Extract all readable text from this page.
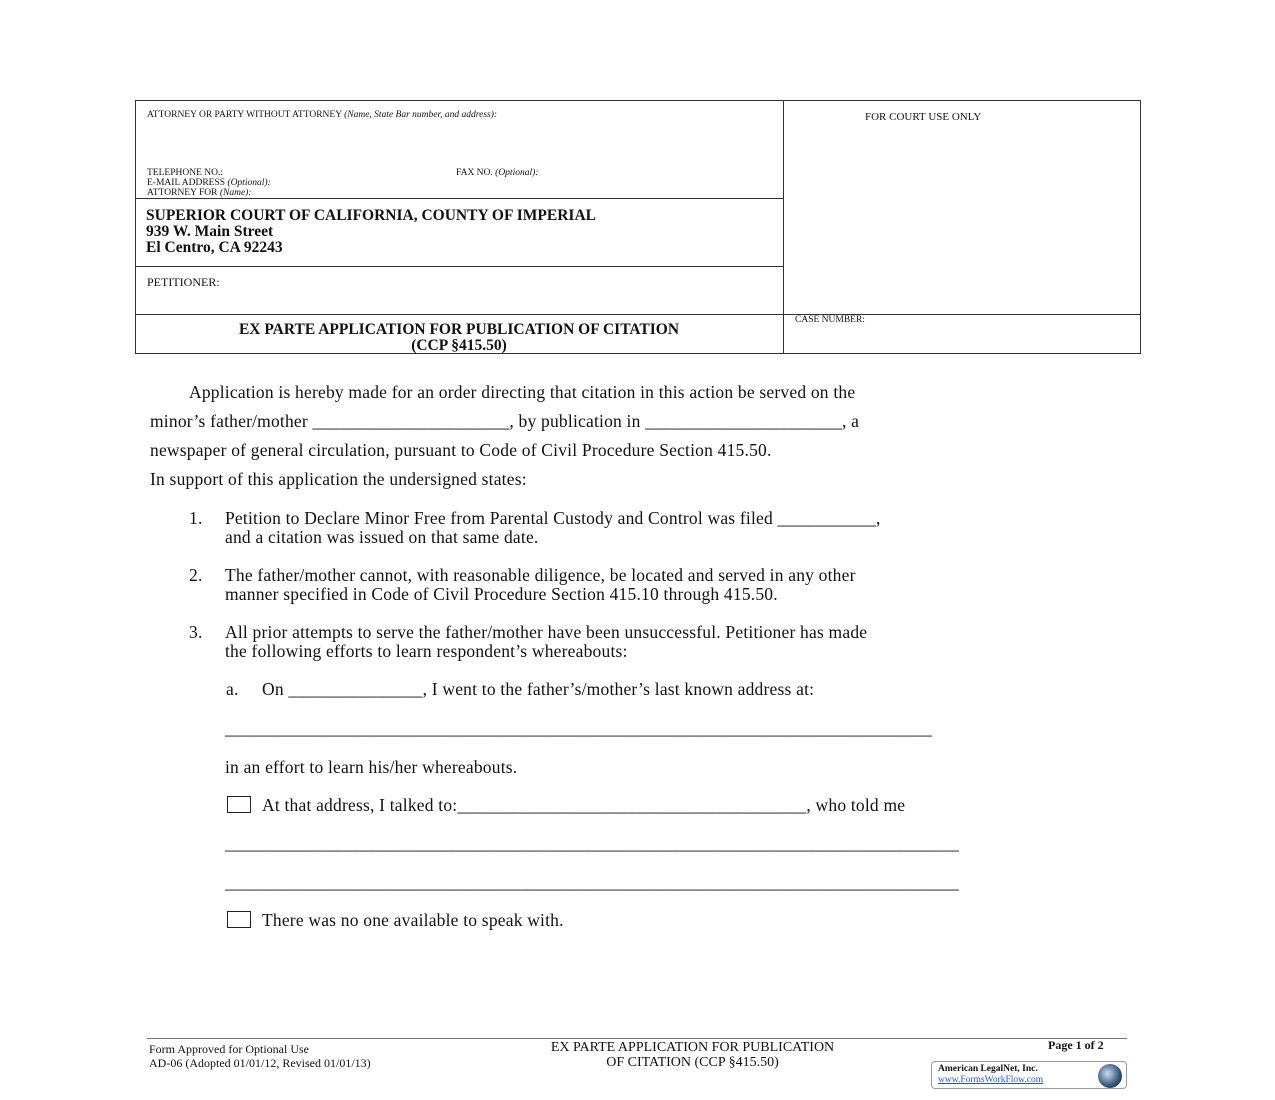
ATTORNEY OR PARTY WITHOUT ATTORNEY (Name, State Bar number, and address):
TELEPHONE NO.:	FAX NO. (Optional):
E-MAIL ADDRESS (Optional):
ATTORNEY FOR (Name):
FOR COURT USE ONLY
SUPERIOR COURT OF CALIFORNIA, COUNTY OF IMPERIAL
939 W. Main Street
El Centro, CA 92243
PETITIONER:
EX PARTE APPLICATION FOR PUBLICATION OF CITATION
(CCP §415.50)
CASE NUMBER:
Application is hereby made for an order directing that citation in this action be served on the
minor’s father/mother ______________________, by publication in ______________________, a
newspaper of general circulation, pursuant to Code of Civil Procedure Section 415.50.
In support of this application the undersigned states:
1. Petition to Declare Minor Free from Parental Custody and Control was filed ___________,
and a citation was issued on that same date.
2. The father/mother cannot, with reasonable diligence, be located and served in any other
manner specified in Code of Civil Procedure Section 415.10 through 415.50.
3. All prior attempts to serve the father/mother have been unsuccessful. Petitioner has made
the following efforts to learn respondent’s whereabouts:
a. On _______________, I went to the father’s/mother’s last known address at:
_______________________________________________________________________________
in an effort to learn his/her whereabouts.
At that address, I talked to:_______________________________________, who told me
__________________________________________________________________________________
__________________________________________________________________________________
There was no one available to speak with.
Form Approved for Optional Use
AD-06 (Adopted 01/01/12, Revised 01/01/13)
EX PARTE APPLICATION FOR PUBLICATION
OF CITATION (CCP §415.50)
Page 1 of 2
American LegalNet, Inc.
www.FormsWorkFlow.com
